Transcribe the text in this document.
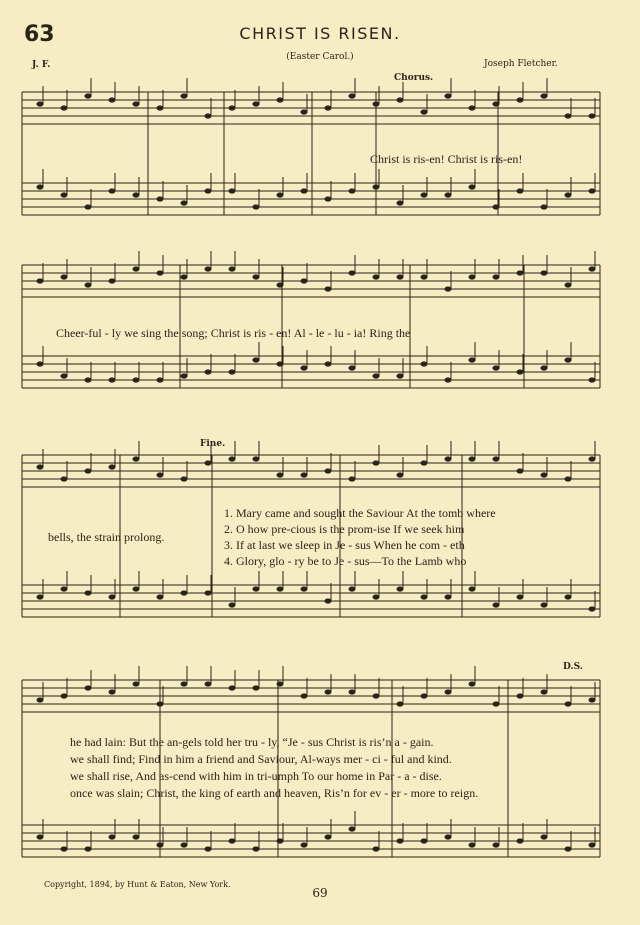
63	CHRIST IS RISEN.
(Easter Carol.)
J. F.	Joseph Fletcher.
Chorus.
Fine.
D.S.
Christ is ris-en! Christ is ris-en!
Cheer-ful - ly we sing the song; Christ is ris - en! Al - le - lu - ia! Ring the
bells, the strain prolong.
1. Mary came and sought the Saviour At the tomb where
2. O how pre-cious is the prom-ise If we seek him
3. If at last we sleep in Je - sus When he com - eth
4. Glory, glo - ry be to Je - sus—To the Lamb who
he had lain: But the an-gels told her tru - ly, “Je - sus Christ is ris’n a - gain.
we shall find; Find in him a friend and Saviour, Al-ways mer - ci - ful and kind.
we shall rise, And as-cend with him in tri-umph To our home in Par - a - dise.
once was slain; Christ, the king of earth and heaven, Ris’n for ev - er - more to reign.
Copyright, 1894, by Hunt & Eaton, New York.
69
